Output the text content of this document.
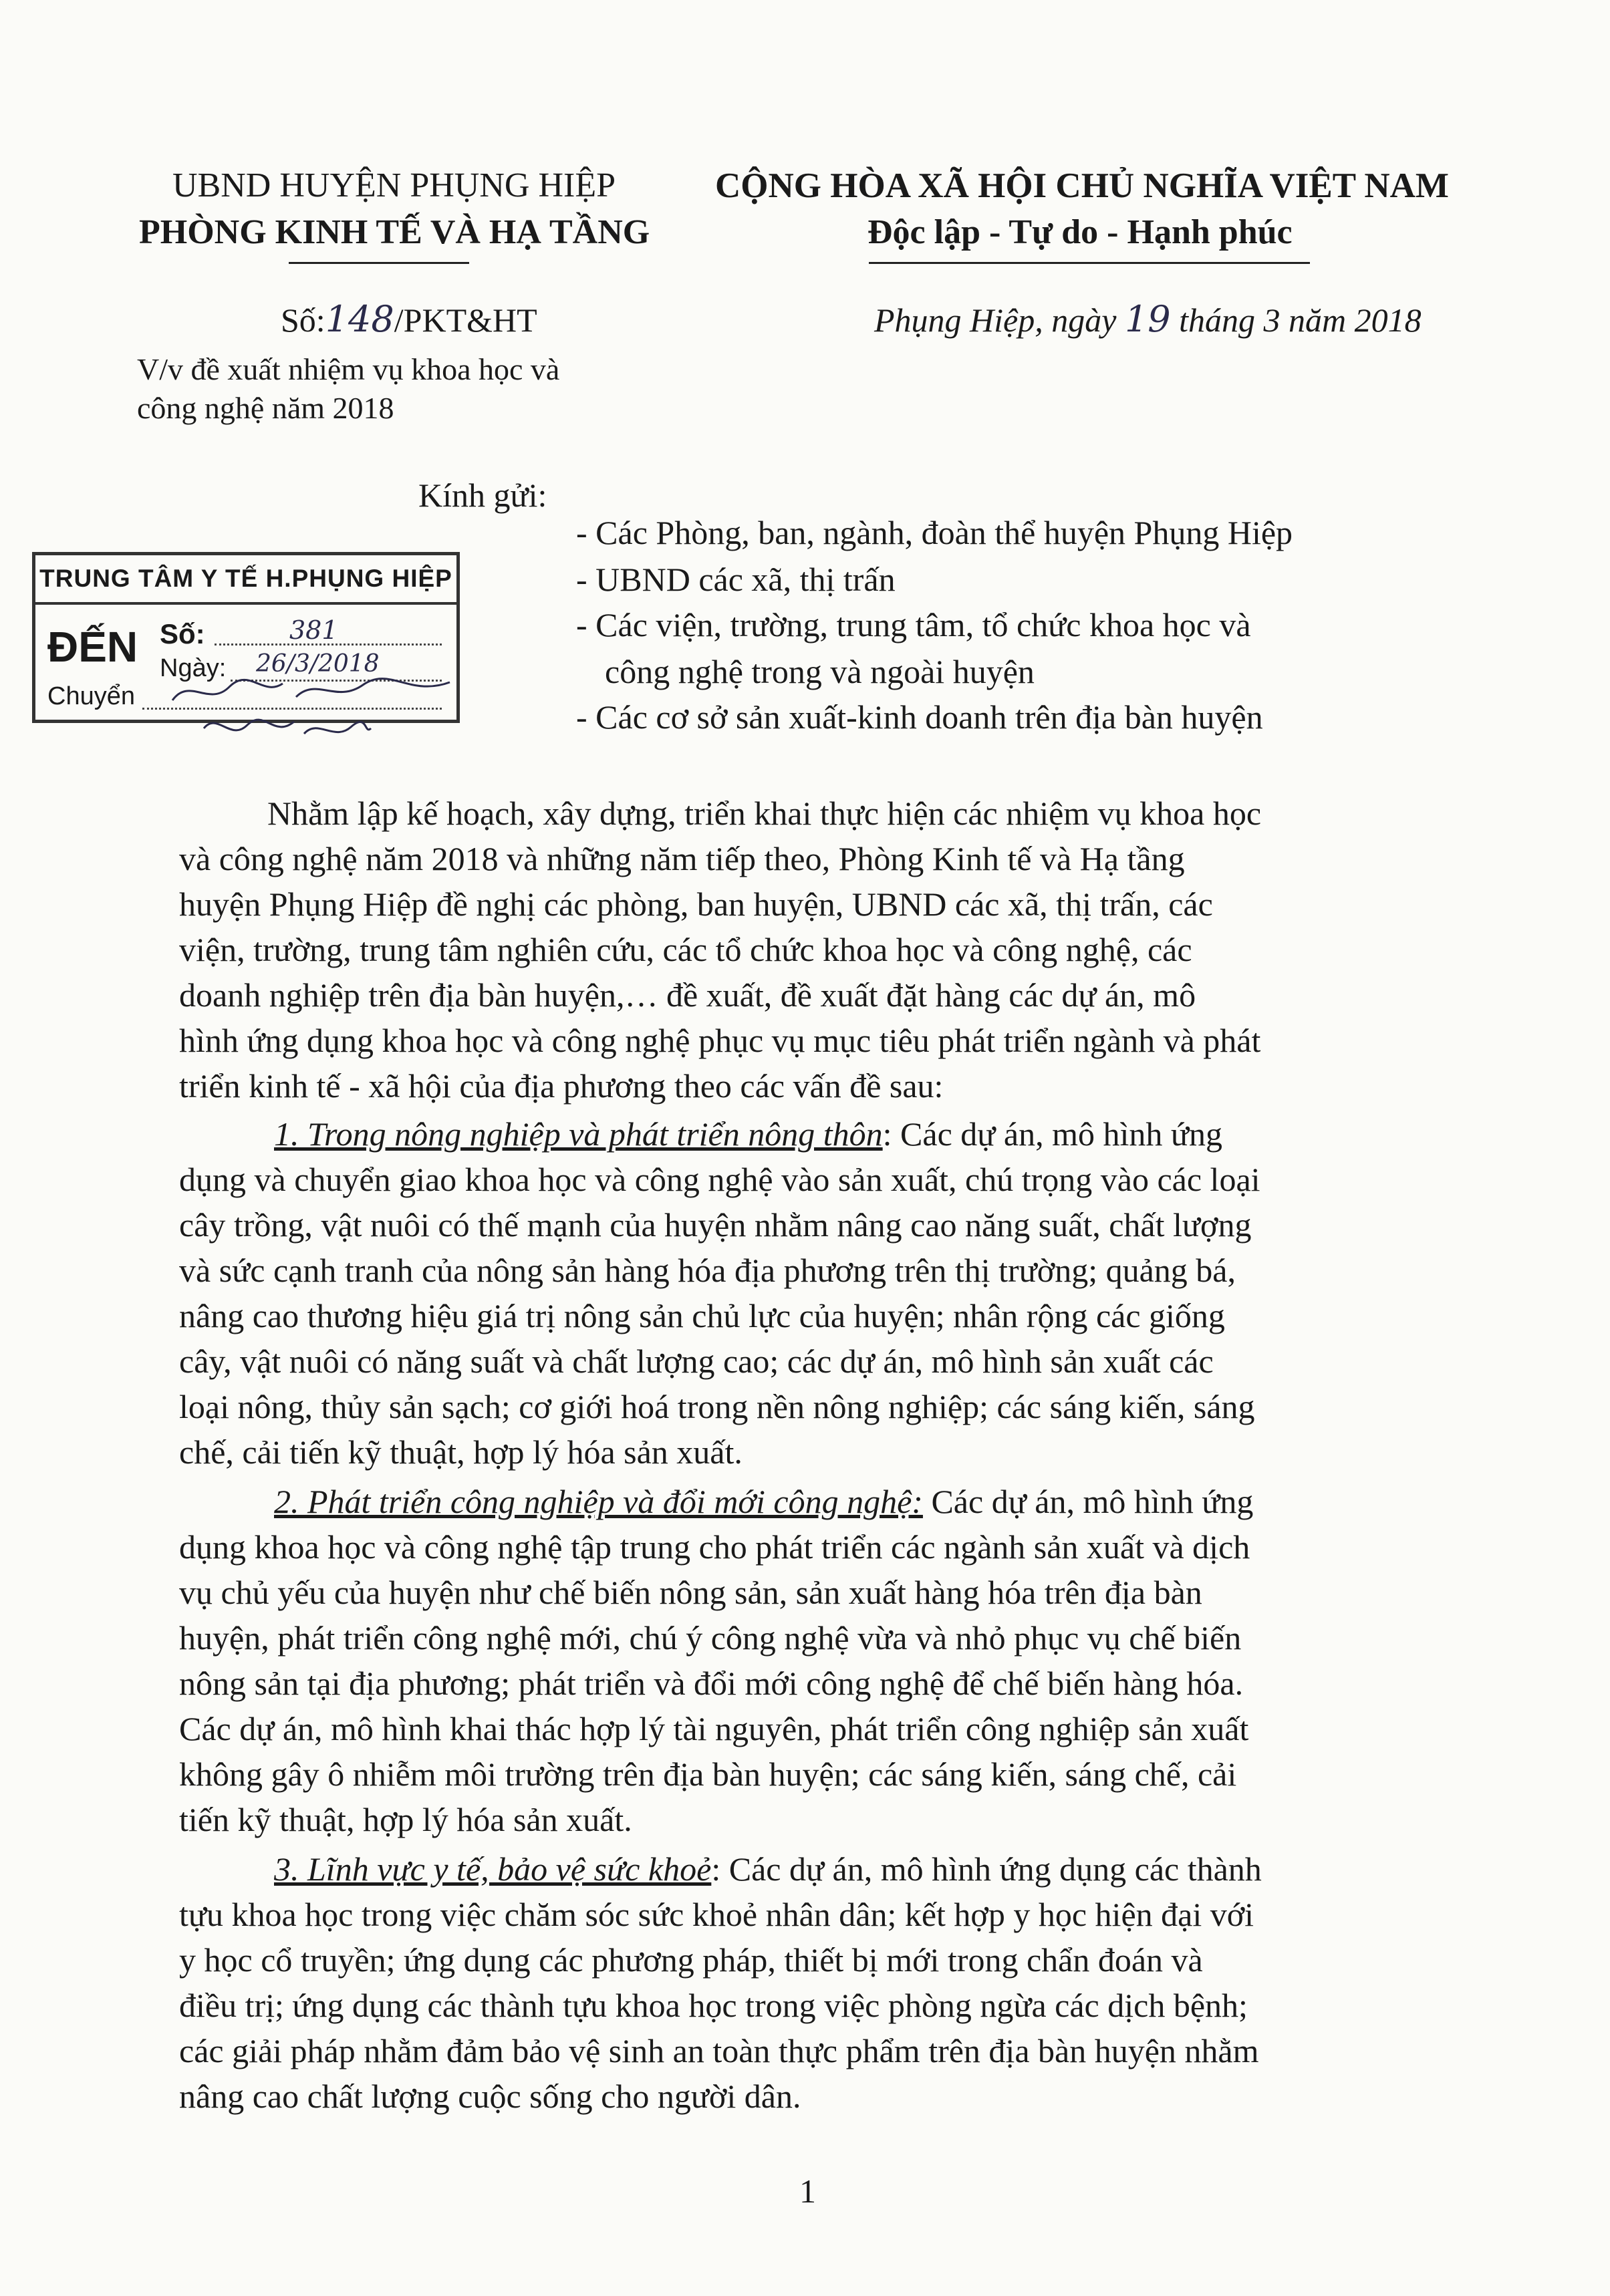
UBND HUYỆN PHỤNG HIỆP
PHÒNG KINH TẾ VÀ HẠ TẦNG
CỘNG HÒA XÃ HỘI CHỦ NGHĨA VIỆT NAM
Độc lập - Tự do - Hạnh phúc
Số:148/PKT&HT	Phụng Hiệp, ngày 19 tháng 3 năm 2018
V/v đề xuất nhiệm vụ khoa học và
công nghệ năm 2018
Kính gửi:
- Các Phòng, ban, ngành, đoàn thể huyện Phụng Hiệp
- UBND các xã, thị trấn
- Các viện, trường, trung tâm, tổ chức khoa học và
công nghệ trong và ngoài huyện
- Các cơ sở sản xuất-kinh doanh trên địa bàn huyện
TRUNG TÂM Y TẾ H.PHỤNG HIỆP
ĐẾN Số:	381
Ngày: 26/3/2018
Chuyển
Nhằm lập kế hoạch, xây dựng, triển khai thực hiện các nhiệm vụ khoa học
và công nghệ năm 2018 và những năm tiếp theo, Phòng Kinh tế và Hạ tầng
huyện Phụng Hiệp đề nghị các phòng, ban huyện, UBND các xã, thị trấn, các
viện, trường, trung tâm nghiên cứu, các tổ chức khoa học và công nghệ, các
doanh nghiệp trên địa bàn huyện,… đề xuất, đề xuất đặt hàng các dự án, mô
hình ứng dụng khoa học và công nghệ phục vụ mục tiêu phát triển ngành và phát
triển kinh tế - xã hội của địa phương theo các vấn đề sau:
1. Trong nông nghiệp và phát triển nông thôn: Các dự án, mô hình ứng
dụng và chuyển giao khoa học và công nghệ vào sản xuất, chú trọng vào các loại
cây trồng, vật nuôi có thế mạnh của huyện nhằm nâng cao năng suất, chất lượng
và sức cạnh tranh của nông sản hàng hóa địa phương trên thị trường; quảng bá,
nâng cao thương hiệu giá trị nông sản chủ lực của huyện; nhân rộng các giống
cây, vật nuôi có năng suất và chất lượng cao; các dự án, mô hình sản xuất các
loại nông, thủy sản sạch; cơ giới hoá trong nền nông nghiệp; các sáng kiến, sáng
chế, cải tiến kỹ thuật, hợp lý hóa sản xuất.
2. Phát triển công nghiệp và đổi mới công nghệ: Các dự án, mô hình ứng
dụng khoa học và công nghệ tập trung cho phát triển các ngành sản xuất và dịch
vụ chủ yếu của huyện như chế biến nông sản, sản xuất hàng hóa trên địa bàn
huyện, phát triển công nghệ mới, chú ý công nghệ vừa và nhỏ phục vụ chế biến
nông sản tại địa phương; phát triển và đổi mới công nghệ để chế biến hàng hóa.
Các dự án, mô hình khai thác hợp lý tài nguyên, phát triển công nghiệp sản xuất
không gây ô nhiễm môi trường trên địa bàn huyện; các sáng kiến, sáng chế, cải
tiến kỹ thuật, hợp lý hóa sản xuất.
3. Lĩnh vực y tế, bảo vệ sức khoẻ: Các dự án, mô hình ứng dụng các thành
tựu khoa học trong việc chăm sóc sức khoẻ nhân dân; kết hợp y học hiện đại với
y học cổ truyền; ứng dụng các phương pháp, thiết bị mới trong chẩn đoán và
điều trị; ứng dụng các thành tựu khoa học trong việc phòng ngừa các dịch bệnh;
các giải pháp nhằm đảm bảo vệ sinh an toàn thực phẩm trên địa bàn huyện nhằm
nâng cao chất lượng cuộc sống cho người dân.
1
